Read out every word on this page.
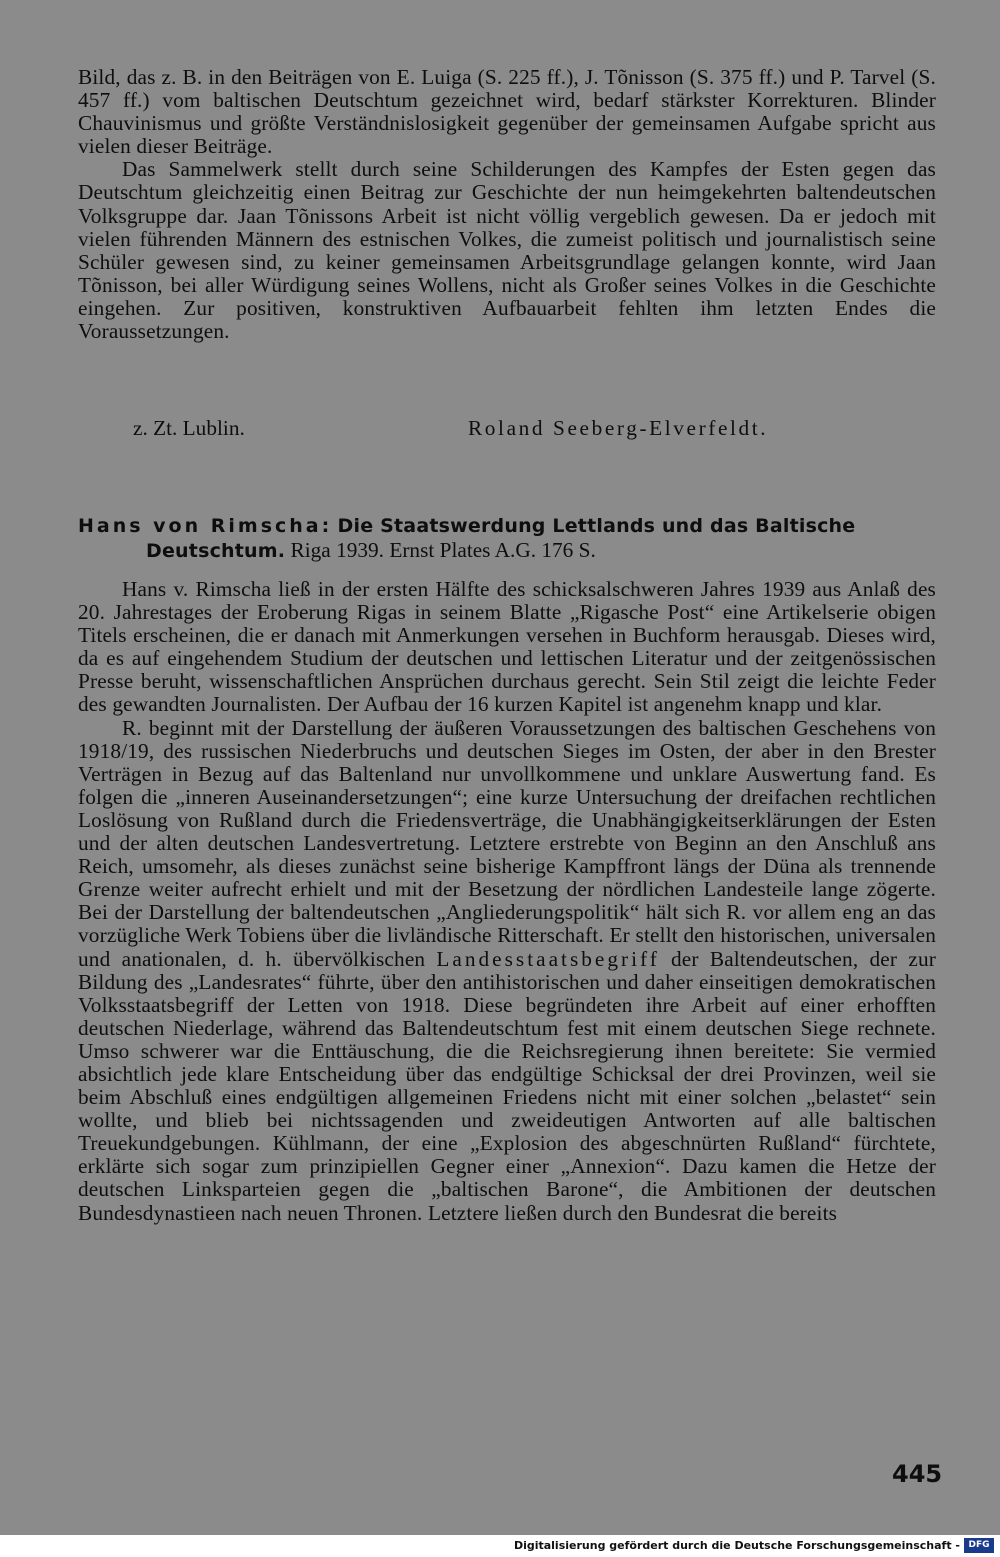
Bild, das z. B. in den Beiträgen von E. Luiga (S. 225 ff.), J. Tõnisson (S. 375 ff.) und P. Tarvel (S. 457 ff.) vom baltischen Deutschtum gezeichnet wird, bedarf stärkster Korrekturen. Blinder Chauvinismus und größte Verständnislosigkeit gegenüber der gemeinsamen Aufgabe spricht aus vielen dieser Beiträge.

Das Sammelwerk stellt durch seine Schilderungen des Kampfes der Esten gegen das Deutschtum gleichzeitig einen Beitrag zur Geschichte der nun heimgekehrten baltendeutschen Volksgruppe dar. Jaan Tõnissons Arbeit ist nicht völlig vergeblich gewesen. Da er jedoch mit vielen führenden Männern des estnischen Volkes, die zumeist politisch und journalistisch seine Schüler gewesen sind, zu keiner gemeinsamen Arbeitsgrundlage gelangen konnte, wird Jaan Tõnisson, bei aller Würdigung seines Wollens, nicht als Großer seines Volkes in die Geschichte eingehen. Zur positiven, konstruktiven Aufbauarbeit fehlten ihm letzten Endes die Voraussetzungen.

z. Zt. Lublin.	Roland Seeberg-Elverfeldt.
Hans von Rimscha: Die Staatswerdung Lettlands und das Baltische
Deutschtum. Riga 1939. Ernst Plates A.G. 176 S.

Hans v. Rimscha ließ in der ersten Hälfte des schicksalschweren Jahres 1939 aus Anlaß des 20. Jahrestages der Eroberung Rigas in seinem Blatte „Rigasche Post“ eine Artikelserie obigen Titels erscheinen, die er danach mit Anmerkungen versehen in Buchform herausgab. Dieses wird, da es auf eingehendem Studium der deutschen und lettischen Literatur und der zeitgenössischen Presse beruht, wissenschaftlichen Ansprüchen durchaus gerecht. Sein Stil zeigt die leichte Feder des gewandten Journalisten. Der Aufbau der 16 kurzen Kapitel ist angenehm knapp und klar.

R. beginnt mit der Darstellung der äußeren Voraussetzungen des baltischen Geschehens von 1918/19, des russischen Niederbruchs und deutschen Sieges im Osten, der aber in den Brester Verträgen in Bezug auf das Baltenland nur unvollkommene und unklare Auswertung fand. Es folgen die „inneren Auseinandersetzungen“; eine kurze Untersuchung der dreifachen rechtlichen Loslösung von Rußland durch die Friedensverträge, die Unabhängigkeitserklärungen der Esten und der alten deutschen Landesvertretung. Letztere erstrebte von Beginn an den Anschluß ans Reich, umsomehr, als dieses zunächst seine bisherige Kampffront längs der Düna als trennende Grenze weiter aufrecht erhielt und mit der Besetzung der nördlichen Landesteile lange zögerte. Bei der Darstellung der baltendeutschen „Angliederungspolitik“ hält sich R. vor allem eng an das vorzügliche Werk Tobiens über die livländische Ritterschaft. Er stellt den historischen, universalen und anationalen, d. h. übervölkischen Landesstaatsbegriff der Baltendeutschen, der zur Bildung des „Landesrates“ führte, über den antihistorischen und daher einseitigen demokratischen Volksstaatsbegriff der Letten von 1918. Diese begründeten ihre Arbeit auf einer erhofften deutschen Niederlage, während das Baltendeutschtum fest mit einem deutschen Siege rechnete. Umso schwerer war die Enttäuschung, die die Reichsregierung ihnen bereitete: Sie vermied absichtlich jede klare Entscheidung über das endgültige Schicksal der drei Provinzen, weil sie beim Abschluß eines endgültigen allgemeinen Friedens nicht mit einer solchen „belastet“ sein wollte, und blieb bei nichtssagenden und zweideutigen Antworten auf alle baltischen Treuekundgebungen. Kühlmann, der eine „Explosion des abgeschnürten Rußland“ fürchtete, erklärte sich sogar zum prinzipiellen Gegner einer „Annexion“. Dazu kamen die Hetze der deutschen Linksparteien gegen die „baltischen Barone“, die Ambitionen der deutschen Bundesdynastieen nach neuen Thronen. Letztere ließen durch den Bundesrat die bereits

445
Digitalisierung gefördert durch die Deutsche Forschungsgemeinschaft - DFG
